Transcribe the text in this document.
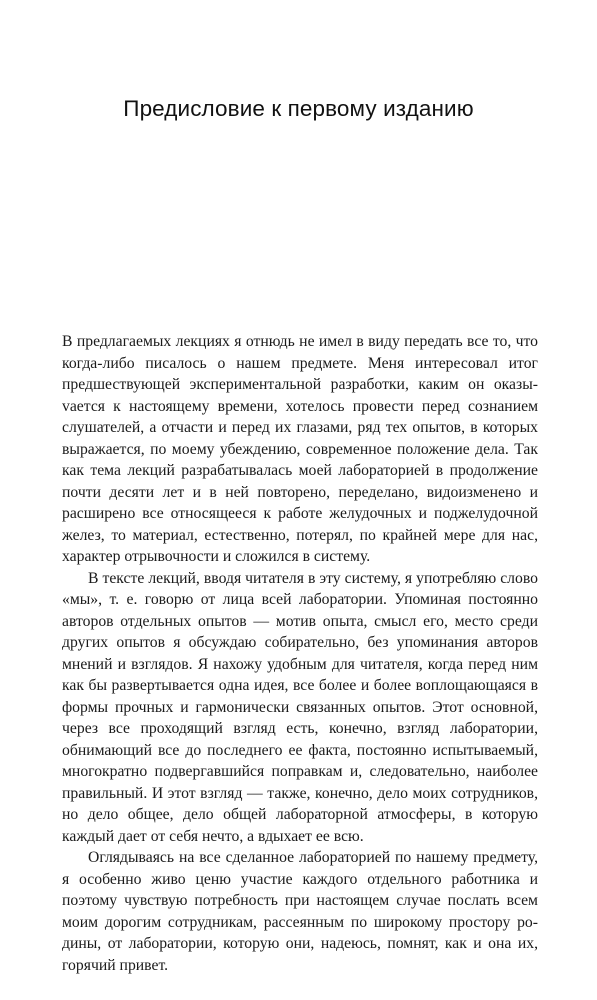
Предисловие к первому изданию

В предлагаемых лекциях я отнюдь не имел в виду передать все то, что когда-либо писалось о нашем предмете. Меня интересовал итог предшествующей экспериментальной разработки, каким он оказыvается к настоящему времени, хотелось провести перед сознанием слушателей, а отчасти и перед их глазами, ряд тех опытов, в которых выражается, по моему убеждению, современное положение дела. Так как тема лекций разрабатывалась моей лабораторией в продолжение почти десяти лет и в ней повторено, переделано, видоизменено и расширено все относящееся к работе желудочных и поджелудочной желез, то материал, естественно, потерял, по крайней мере для нас, характер отрывочности и сложился в систему.

В тексте лекций, вводя читателя в эту систему, я употребляю слово «мы», т. е. говорю от лица всей лаборатории. Упоминая постоянно авторов отдельных опытов — мотив опыта, смысл его, место среди других опытов я обсуждаю собирательно, без упоминания авторов мнений и взглядов. Я нахожу удобным для читателя, когда перед ним как бы развертывается одна идея, все более и более воплощающаяся в формы прочных и гармонически связанных опытов. Этот основной, через все проходящий взгляд есть, конечно, взгляд лаборатории, обнимающий все до последнего ее факта, постоянно испытываемый, многократно подвергавшийся поправкам и, следовательно, наиболее правильный. И этот взгляд — также, конечно, дело моих сотрудников, но дело общее, дело общей лабораторной атмосферы, в которую каждый дает от себя нечто, а вдыхает ее всю.

Оглядываясь на все сделанное лабораторией по нашему предмету, я особенно живо ценю участие каждого отдельного работника и поэтому чувствую потребность при настоящем случае послать всем моим дорогим сотрудникам, рассеянным по широкому простору родины, от лаборатории, которую они, надеюсь, помнят, как и она их, горячий привет.
